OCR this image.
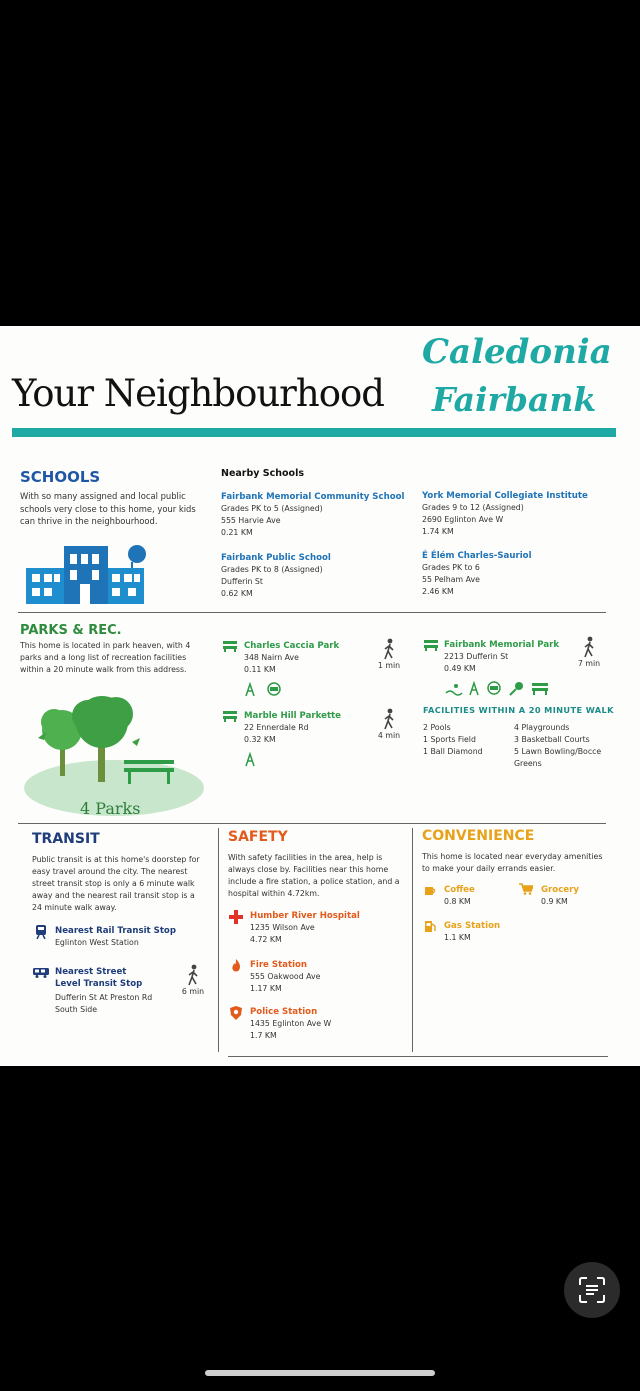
Your Neighbourhood
Caledonia
Fairbank
SCHOOLS
With so many assigned and local public schools very close to this home, your kids can thrive in the neighbourhood.
Nearby Schools
Fairbank Memorial Community School
Grades PK to 5 (Assigned)
555 Harvie Ave
0.21 KM
York Memorial Collegiate Institute
Grades 9 to 12 (Assigned)
2690 Eglinton Ave W
1.74 KM
Fairbank Public School
Grades PK to 8 (Assigned)
Dufferin St
0.62 KM
É Élém Charles-Sauriol
Grades PK to 6
55 Pelham Ave
2.46 KM
PARKS & REC.
This home is located in park heaven, with 4 parks and a long list of recreation facilities within a 20 minute walk from this address.
4 Parks
Charles Caccia Park
348 Nairn Ave
0.11 KM	1 min
Fairbank Memorial Park
2213 Dufferin St
0.49 KM
7 min
Marble Hill Parkette
22 Ennerdale Rd
0.32 KM	4 min
FACILITIES WITHIN A 20 MINUTE WALK
2 Pools
1 Sports Field
1 Ball Diamond
4 Playgrounds
3 Basketball Courts
5 Lawn Bowling/Bocce Greens
TRANSIT
Public transit is at this home's doorstep for easy travel around the city. The nearest street transit stop is only a 6 minute walk away and the nearest rail transit stop is a 24 minute walk away.
Nearest Rail Transit Stop
Eglinton West Station
Nearest Street Level Transit Stop
Dufferin St At Preston Rd South Side
6 min
SAFETY
With safety facilities in the area, help is always close by. Facilities near this home include a fire station, a police station, and a hospital within 4.72km.
Humber River Hospital
1235 Wilson Ave
4.72 KM
Fire Station
555 Oakwood Ave
1.17 KM
Police Station
1435 Eglinton Ave W
1.7 KM
CONVENIENCE
This home is located near everyday amenities to make your daily errands easier.
Coffee
0.8 KM
Grocery
0.9 KM
Gas Station
1.1 KM
